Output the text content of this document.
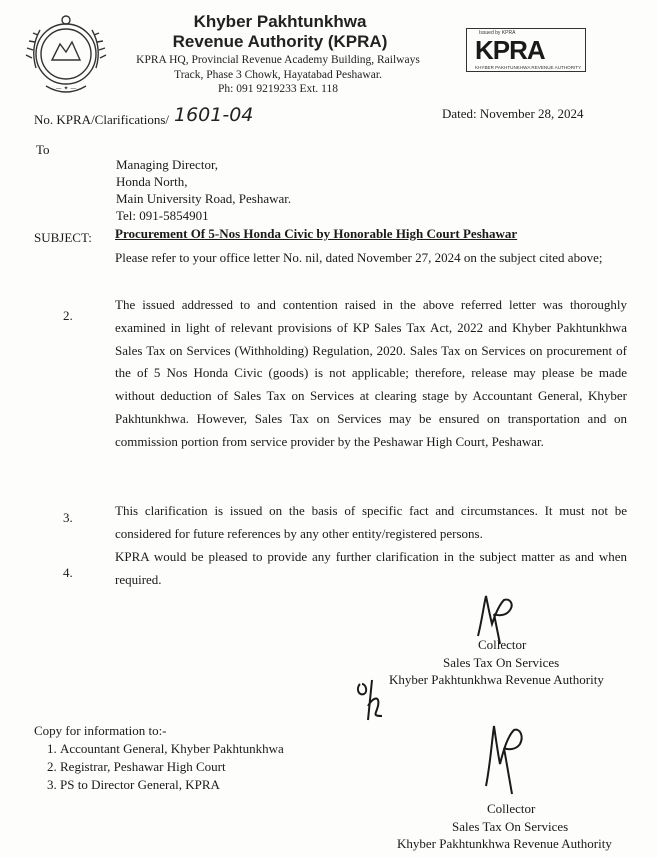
— ✦ —
Khyber Pakhtunkhwa
Revenue Authority (KPRA)
KPRA HQ, Provincial Revenue Academy Building, Railways
Track, Phase 3 Chowk, Hayatabad Peshawar.
Ph: 091 9219233 Ext. 118
Issued by KPRA
KPRA
KHYBER PAKHTUNKHWA REVENUE AUTHORITY
No. KPRA/Clarifications/ 1601-04	Dated: November 28, 2024
To
Managing Director,
Honda North,
Main University Road, Peshawar.
Tel: 091-5854901
SUBJECT: Procurement Of 5-Nos Honda Civic by Honorable High Court Peshawar
Please refer to your office letter No. nil, dated November 27, 2024 on the subject cited above;
2.
The issued addressed to and contention raised in the above referred letter was thoroughly examined in light of relevant provisions of KP Sales Tax Act, 2022 and Khyber Pakhtunkhwa Sales Tax on Services (Withholding) Regulation, 2020. Sales Tax on Services on procurement of the of 5 Nos Honda Civic (goods) is not applicable; therefore, release may please be made without deduction of Sales Tax on Services at clearing stage by Accountant General, Khyber Pakhtunkhwa. However, Sales Tax on Services may be ensured on transportation and on commission portion from service provider by the Peshawar High Court, Peshawar.
3.	This clarification is issued on the basis of specific fact and circumstances. It must not be considered for future references by any other entity/registered persons.
4.
KPRA would be pleased to provide any further clarification in the subject matter as and when required.
Collector
Sales Tax On Services
Khyber Pakhtunkhwa Revenue Authority
Copy for information to:-
1. Accountant General, Khyber Pakhtunkhwa
2. Registrar, Peshawar High Court
3. PS to Director General, KPRA
Collector
Sales Tax On Services
Khyber Pakhtunkhwa Revenue Authority
